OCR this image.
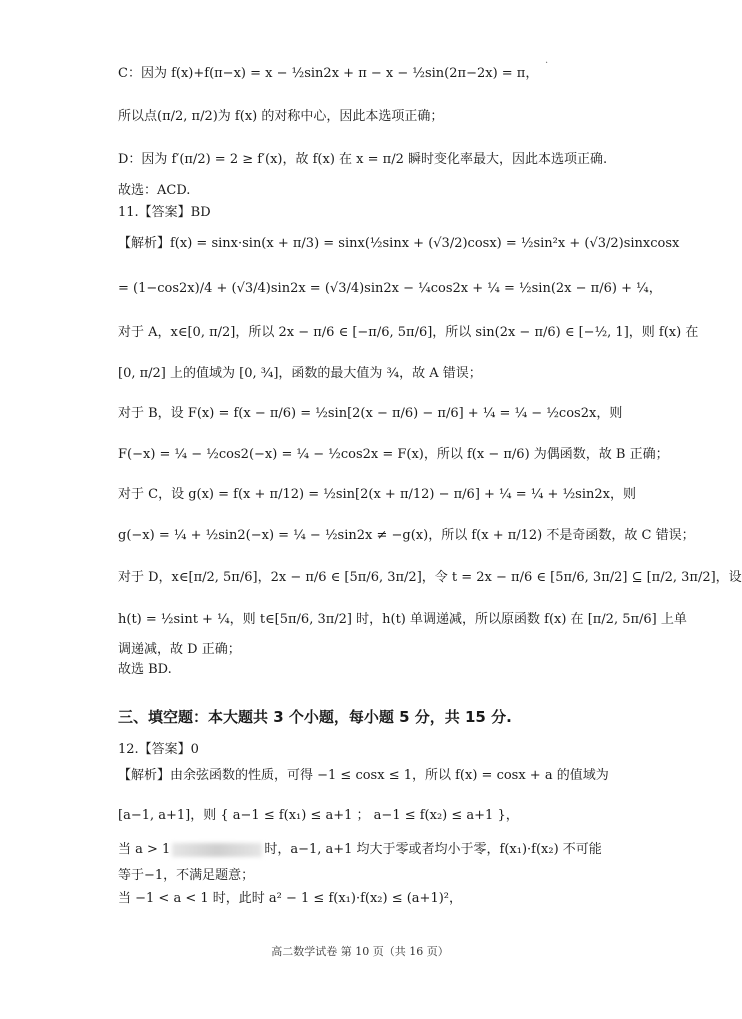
·
C：因为 f(x)+f(π−x) = x − ½sin2x + π − x − ½sin(2π−2x) = π，
所以点(π/2, π/2)为 f(x) 的对称中心，因此本选项正确；
D：因为 f′(π/2) = 2 ≥ f′(x)，故 f(x) 在 x = π/2 瞬时变化率最大，因此本选项正确.
故选：ACD.
11.【答案】BD
【解析】f(x) = sinx·sin(x + π/3) = sinx(½sinx + (√3/2)cosx) = ½sin²x + (√3/2)sinxcosx
= (1−cos2x)/4 + (√3/4)sin2x = (√3/4)sin2x − ¼cos2x + ¼ = ½sin(2x − π/6) + ¼，
对于 A，x∈[0, π/2]，所以 2x − π/6 ∈ [−π/6, 5π/6]，所以 sin(2x − π/6) ∈ [−½, 1]，则 f(x) 在
[0, π/2] 上的值域为 [0, ¾]，函数的最大值为 ¾，故 A 错误；
对于 B，设 F(x) = f(x − π/6) = ½sin[2(x − π/6) − π/6] + ¼ = ¼ − ½cos2x，则
F(−x) = ¼ − ½cos2(−x) = ¼ − ½cos2x = F(x)，所以 f(x − π/6) 为偶函数，故 B 正确；
对于 C，设 g(x) = f(x + π/12) = ½sin[2(x + π/12) − π/6] + ¼ = ¼ + ½sin2x，则
g(−x) = ¼ + ½sin2(−x) = ¼ − ½sin2x ≠ −g(x)，所以 f(x + π/12) 不是奇函数，故 C 错误；
对于 D，x∈[π/2, 5π/6]，2x − π/6 ∈ [5π/6, 3π/2]，令 t = 2x − π/6 ∈ [5π/6, 3π/2] ⊆ [π/2, 3π/2]，设
h(t) = ½sint + ¼，则 t∈[5π/6, 3π/2] 时，h(t) 单调递减，所以原函数 f(x) 在 [π/2, 5π/6] 上单
调递减，故 D 正确；
故选 BD.
三、填空题：本大题共 3 个小题，每小题 5 分，共 15 分.
12.【答案】0
【解析】由余弦函数的性质，可得 −1 ≤ cosx ≤ 1，所以 f(x) = cosx + a 的值域为
[a−1, a+1]，则 { a−1 ≤ f(x₁) ≤ a+1 ； a−1 ≤ f(x₂) ≤ a+1 }，
当 a > 1	时，a−1, a+1 均大于零或者均小于零，f(x₁)·f(x₂) 不可能
等于−1，不满足题意；
当 −1 < a < 1 时，此时 a² − 1 ≤ f(x₁)·f(x₂) ≤ (a+1)²，
高二数学试卷 第 10 页（共 16 页）
